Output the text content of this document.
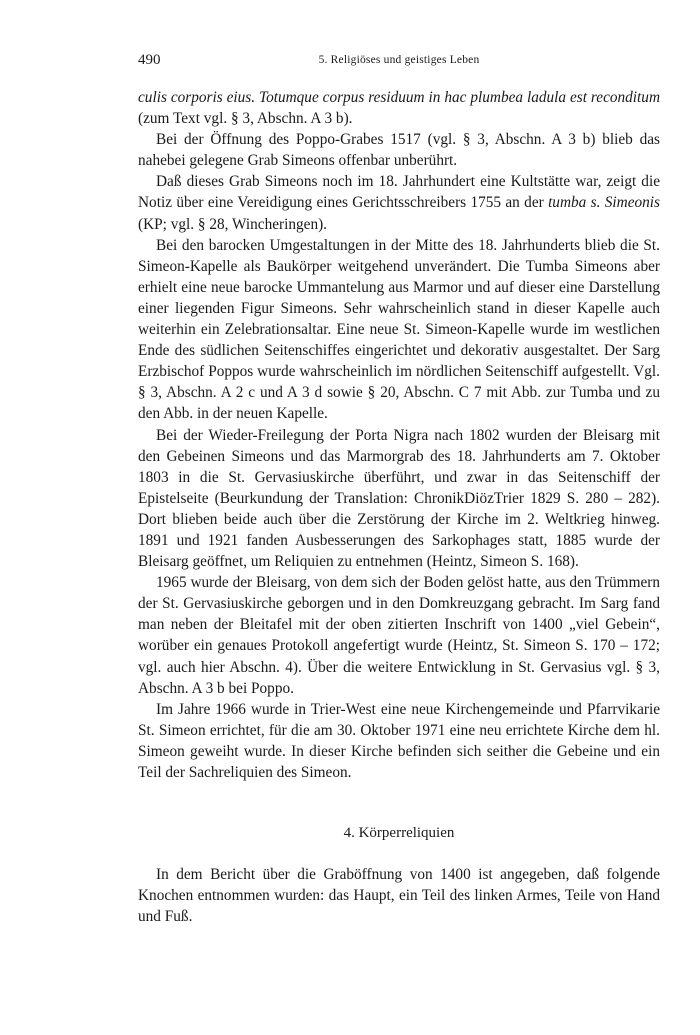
490	5. Religiöses und geistiges Leben

culis corporis eius. Totumque corpus residuum in hac plumbea ladula est reconditum (zum Text vgl. § 3, Abschn. A 3 b).

Bei der Öffnung des Poppo-Grabes 1517 (vgl. § 3, Abschn. A 3 b) blieb das nahebei gelegene Grab Simeons offenbar unberührt.

Daß dieses Grab Simeons noch im 18. Jahrhundert eine Kultstätte war, zeigt die Notiz über eine Vereidigung eines Gerichtsschreibers 1755 an der tumba s. Simeonis (KP; vgl. § 28, Wincheringen).

Bei den barocken Umgestaltungen in der Mitte des 18. Jahrhunderts blieb die St. Simeon-Kapelle als Baukörper weitgehend unverändert. Die Tumba Simeons aber erhielt eine neue barocke Ummantelung aus Marmor und auf dieser eine Darstellung einer liegenden Figur Simeons. Sehr wahrscheinlich stand in dieser Kapelle auch weiterhin ein Zelebrationsaltar. Eine neue St. Simeon-Kapelle wurde im westlichen Ende des südlichen Seitenschiffes eingerichtet und dekorativ ausgestaltet. Der Sarg Erzbischof Poppos wurde wahrscheinlich im nördlichen Seitenschiff aufgestellt. Vgl. § 3, Abschn. A 2 c und A 3 d sowie § 20, Abschn. C 7 mit Abb. zur Tumba und zu den Abb. in der neuen Kapelle.

Bei der Wieder-Freilegung der Porta Nigra nach 1802 wurden der Bleisarg mit den Gebeinen Simeons und das Marmorgrab des 18. Jahrhunderts am 7. Oktober 1803 in die St. Gervasiuskirche überführt, und zwar in das Seitenschiff der Epistelseite (Beurkundung der Translation: ChronikDiözTrier 1829 S. 280 – 282). Dort blieben beide auch über die Zerstörung der Kirche im 2. Weltkrieg hinweg. 1891 und 1921 fanden Ausbesserungen des Sarkophages statt, 1885 wurde der Bleisarg geöffnet, um Reliquien zu entnehmen (Heintz, Simeon S. 168).

1965 wurde der Bleisarg, von dem sich der Boden gelöst hatte, aus den Trümmern der St. Gervasiuskirche geborgen und in den Domkreuzgang gebracht. Im Sarg fand man neben der Bleitafel mit der oben zitierten Inschrift von 1400 „viel Gebein“, worüber ein genaues Protokoll angefertigt wurde (Heintz, St. Simeon S. 170 – 172; vgl. auch hier Abschn. 4). Über die weitere Entwicklung in St. Gervasius vgl. § 3, Abschn. A 3 b bei Poppo.

Im Jahre 1966 wurde in Trier-West eine neue Kirchengemeinde und Pfarrvikarie St. Simeon errichtet, für die am 30. Oktober 1971 eine neu errichtete Kirche dem hl. Simeon geweiht wurde. In dieser Kirche befinden sich seither die Gebeine und ein Teil der Sachreliquien des Simeon.

4. Körperreliquien

In dem Bericht über die Graböffnung von 1400 ist angegeben, daß folgende Knochen entnommen wurden: das Haupt, ein Teil des linken Armes, Teile von Hand und Fuß.
